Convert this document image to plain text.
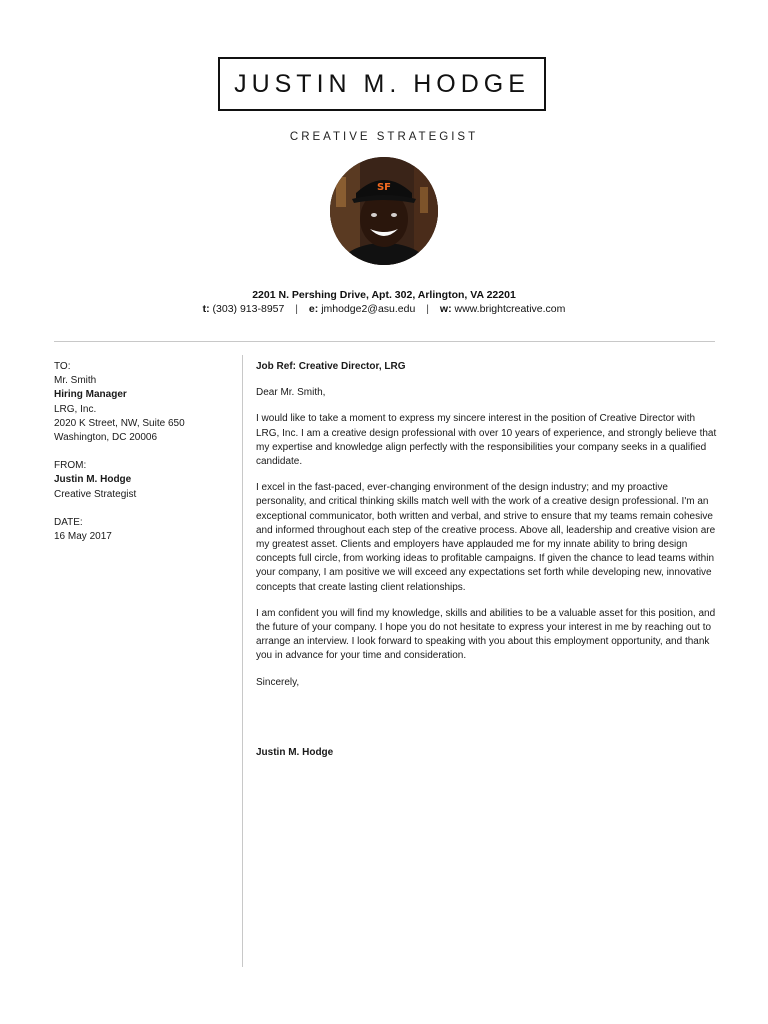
JUSTIN M. HODGE
CREATIVE STRATEGIST
SF
2201 N. Pershing Drive, Apt. 302, Arlington, VA 22201
t: (303) 913-8957 | e: jmhodge2@asu.edu | w: www.brightcreative.com
TO:
Mr. Smith
Hiring Manager
LRG, Inc.
2020 K Street, NW, Suite 650
Washington, DC 20006
FROM:
Justin M. Hodge
Creative Strategist
DATE:
16 May 2017

Job Ref: Creative Director, LRG

Dear Mr. Smith,

I would like to take a moment to express my sincere interest in the position of Creative Director with LRG, Inc. I am a creative design professional with over 10 years of experience, and strongly believe that my expertise and knowledge align perfectly with the responsibilities your company seeks in a qualified candidate.

I excel in the fast-paced, ever-changing environment of the design industry; and my proactive personality, and critical thinking skills match well with the work of a creative design professional. I'm an exceptional communicator, both written and verbal, and strive to ensure that my teams remain cohesive and informed throughout each step of the creative process. Above all, leadership and creative vision are my greatest asset. Clients and employers have applauded me for my innate ability to bring design concepts full circle, from working ideas to profitable campaigns. If given the chance to lead teams within your company, I am positive we will exceed any expectations set forth while developing new, innovative concepts that create lasting client relationships.

I am confident you will find my knowledge, skills and abilities to be a valuable asset for this position, and the future of your company. I hope you do not hesitate to express your interest in me by reaching out to arrange an interview. I look forward to speaking with you about this employment opportunity, and thank you in advance for your time and consideration.

Sincerely,

Justin M. Hodge
